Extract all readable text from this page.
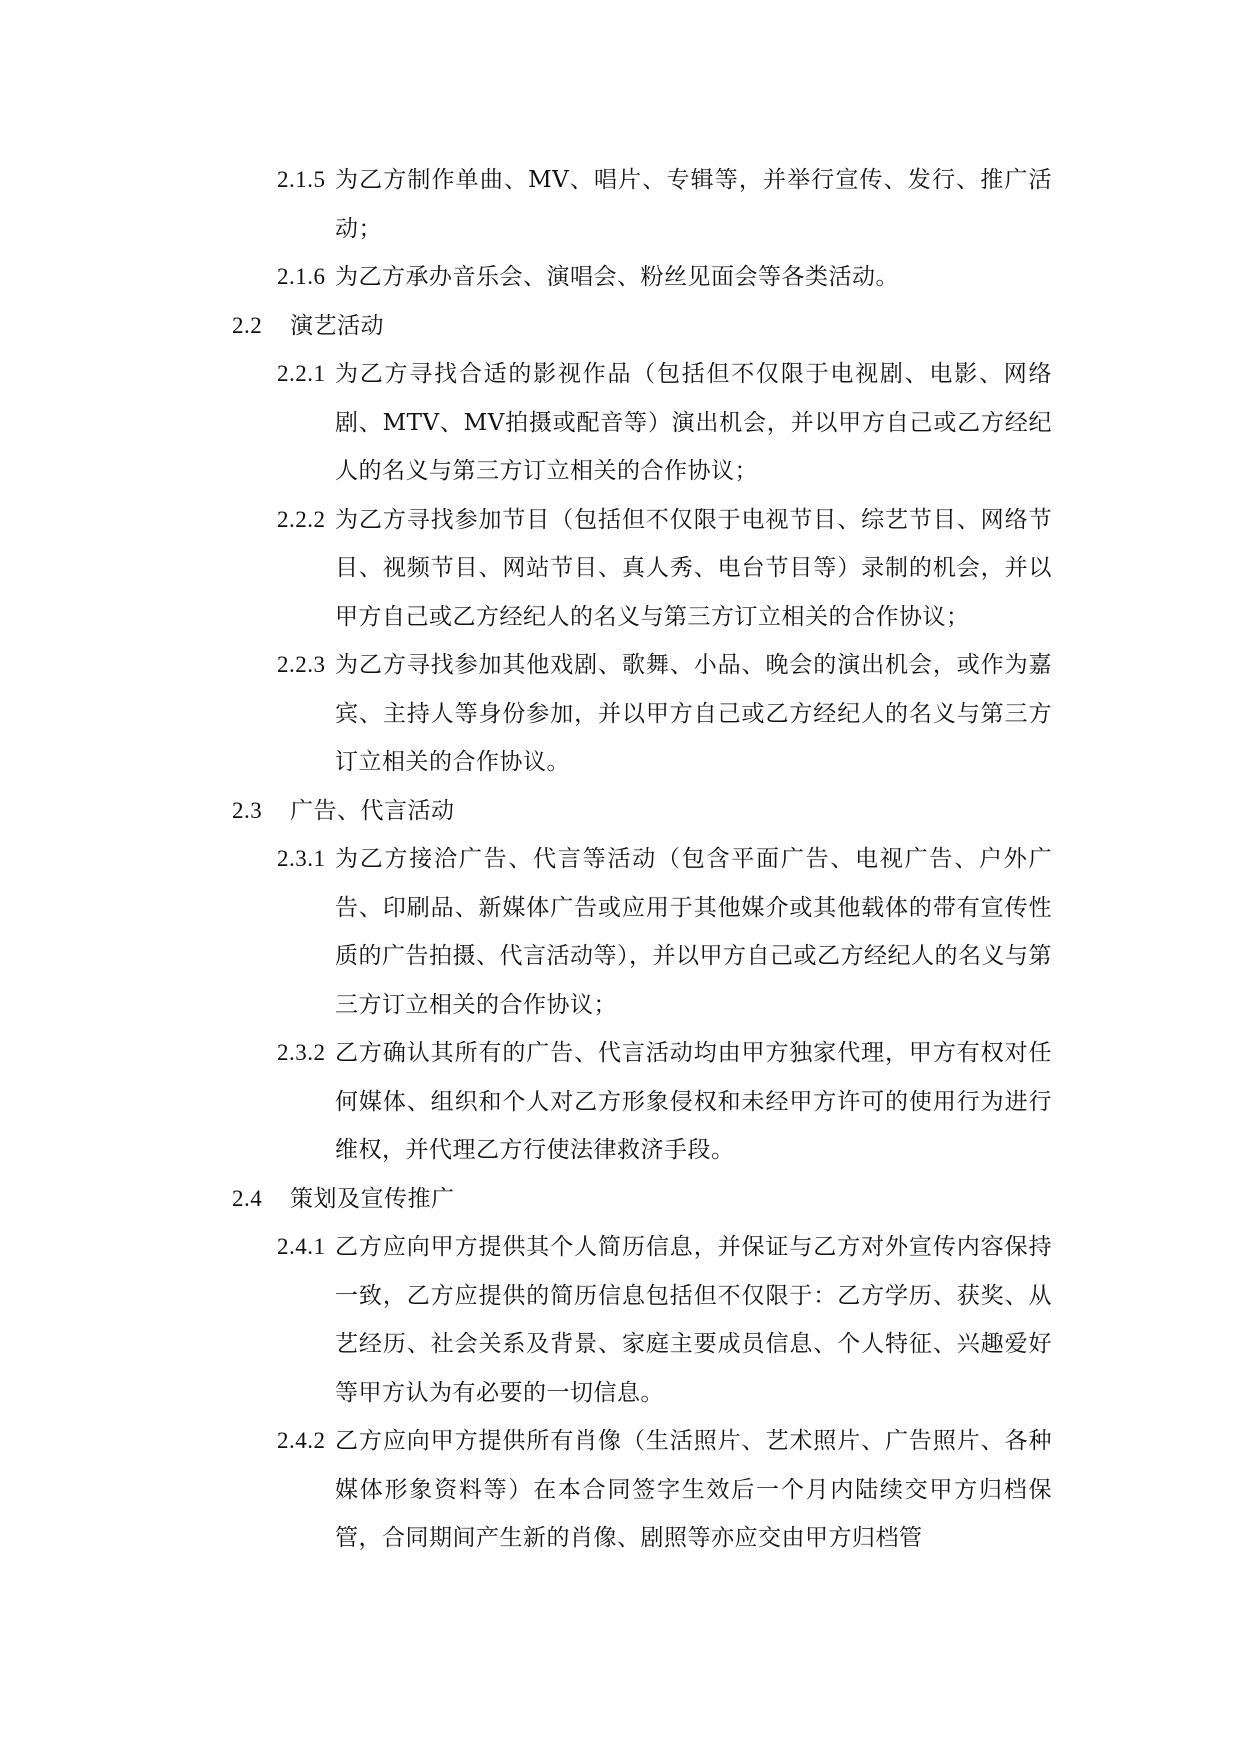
2.1.5 为乙方制作单曲、MV、唱片、专辑等，并举行宣传、发行、推广活动；
2.1.6 为乙方承办音乐会、演唱会、粉丝见面会等各类活动。
2.2	演艺活动
2.2.1 为乙方寻找合适的影视作品（包括但不仅限于电视剧、电影、网络剧、MTV、MV拍摄或配音等）演出机会，并以甲方自己或乙方经纪人的名义与第三方订立相关的合作协议；
2.2.2 为乙方寻找参加节目（包括但不仅限于电视节目、综艺节目、网络节目、视频节目、网站节目、真人秀、电台节目等）录制的机会，并以甲方自己或乙方经纪人的名义与第三方订立相关的合作协议；
2.2.3 为乙方寻找参加其他戏剧、歌舞、小品、晚会的演出机会，或作为嘉宾、主持人等身份参加，并以甲方自己或乙方经纪人的名义与第三方订立相关的合作协议。
2.3	广告、代言活动
2.3.1 为乙方接洽广告、代言等活动（包含平面广告、电视广告、户外广告、印刷品、新媒体广告或应用于其他媒介或其他载体的带有宣传性质的广告拍摄、代言活动等），并以甲方自己或乙方经纪人的名义与第三方订立相关的合作协议；
2.3.2 乙方确认其所有的广告、代言活动均由甲方独家代理，甲方有权对任何媒体、组织和个人对乙方形象侵权和未经甲方许可的使用行为进行维权，并代理乙方行使法律救济手段。
2.4	策划及宣传推广
2.4.1 乙方应向甲方提供其个人简历信息，并保证与乙方对外宣传内容保持一致，乙方应提供的简历信息包括但不仅限于：乙方学历、获奖、从艺经历、社会关系及背景、家庭主要成员信息、个人特征、兴趣爱好等甲方认为有必要的一切信息。
2.4.2 乙方应向甲方提供所有肖像（生活照片、艺术照片、广告照片、各种媒体形象资料等）在本合同签字生效后一个月内陆续交甲方归档保管，合同期间产生新的肖像、剧照等亦应交由甲方归档管
